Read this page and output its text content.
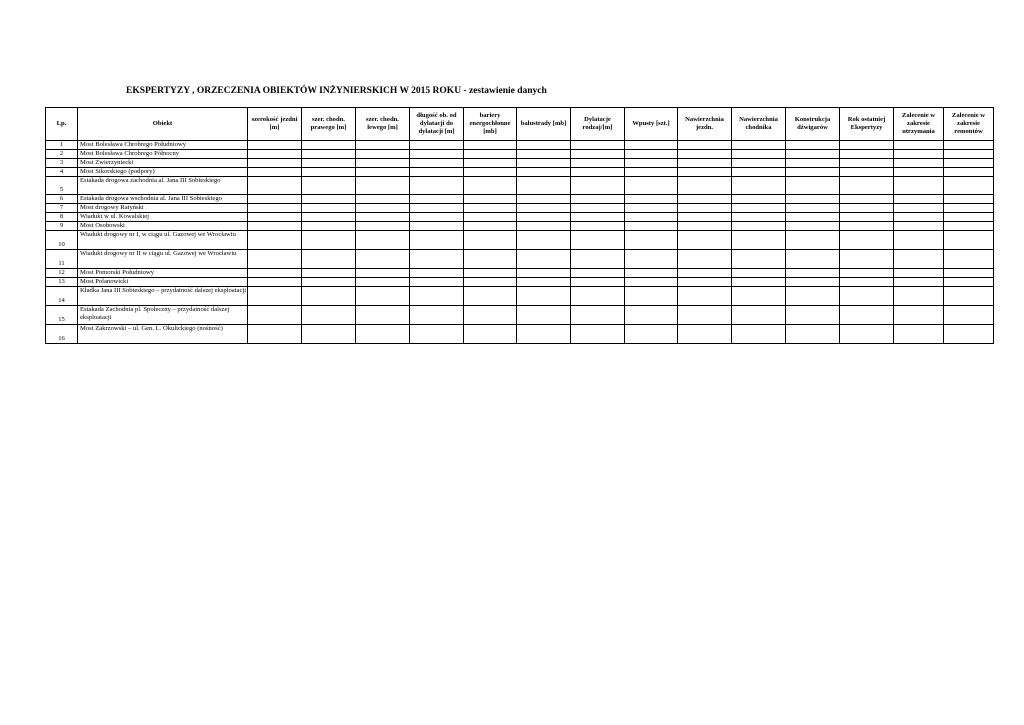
EKSPERTYZY , ORZECZENIA OBIEKTÓW INŻYNIERSKICH W 2015 ROKU - zestawienie danych
Lp.	Obiekt	szerokość jezdni [m]	szer. chodn. prawego [m]	szer. chodn. lewego [m]	długość ob. od dylatacji do dylatacji [m]	bariery energochłonne [mb]	balustrady [mb]	Dylatacje rodzaj/[m]	Wpusty [szt.]	Nawierzchnia jezdn.	Nawierzchnia chodnika	Konstrukcja dźwigarów	Rok ostatniej Ekspertyzy	Zalecenie w zakresie utrzymania	Zalecenie w zakresie remontów
1	Most Bolesława Chrobrego Południowy														
2	Most Bolesława Chrobrego Północny														
3	Most Zwierzyniecki														
4	Most Sikorskiego (podpory)														
5	Estakada drogowa zachodnia al. Jana III Sobieskiego														
6	Estakada drogowa wschodnia al. Jana III Sobieskiego														
7	Most drogowy Ratyński														
8	Wiadukt w ul. Kowalskiej														
9	Most Osobowski														
10	Wiadukt drogowy nr I, w ciągu ul. Gazowej we Wrocławiu														
11	Wiadukt drogowy nr II w ciągu ul. Gazowej we Wrocławiu														
12	Most Pomorski Południowy														
13	Most Polanowicki														
14	Kładka Jana III Sobieskiego – przydatność dalszej eksploatacji														
15	Estakada Zachodnia pl. Społeczny – przydatność dalszej eksploatacji														
16	Most Zakrzowski – ul. Gen. L. Okulickiego (nośność)														
